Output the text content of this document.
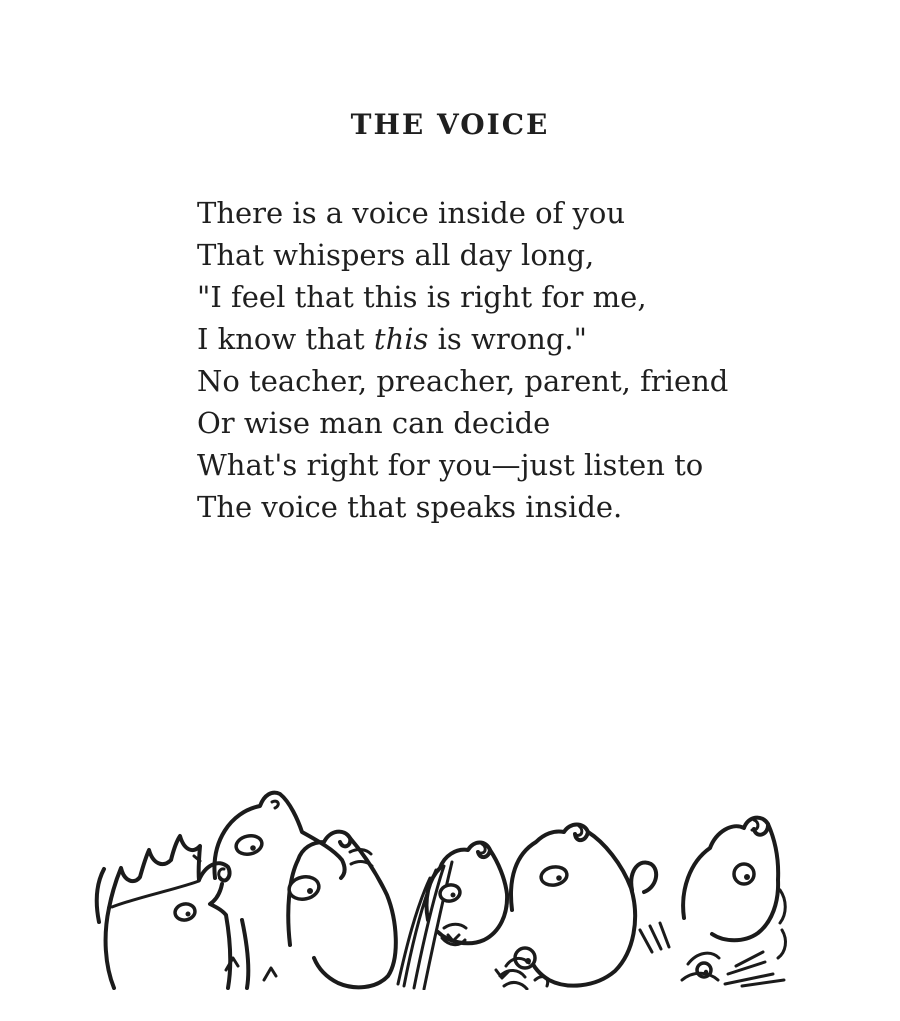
THE VOICE
There is a voice inside of you
That whispers all day long,
"I feel that this is right for me,
I know that this is wrong."
No teacher, preacher, parent, friend
Or wise man can decide
What's right for you—just listen to
The voice that speaks inside.
